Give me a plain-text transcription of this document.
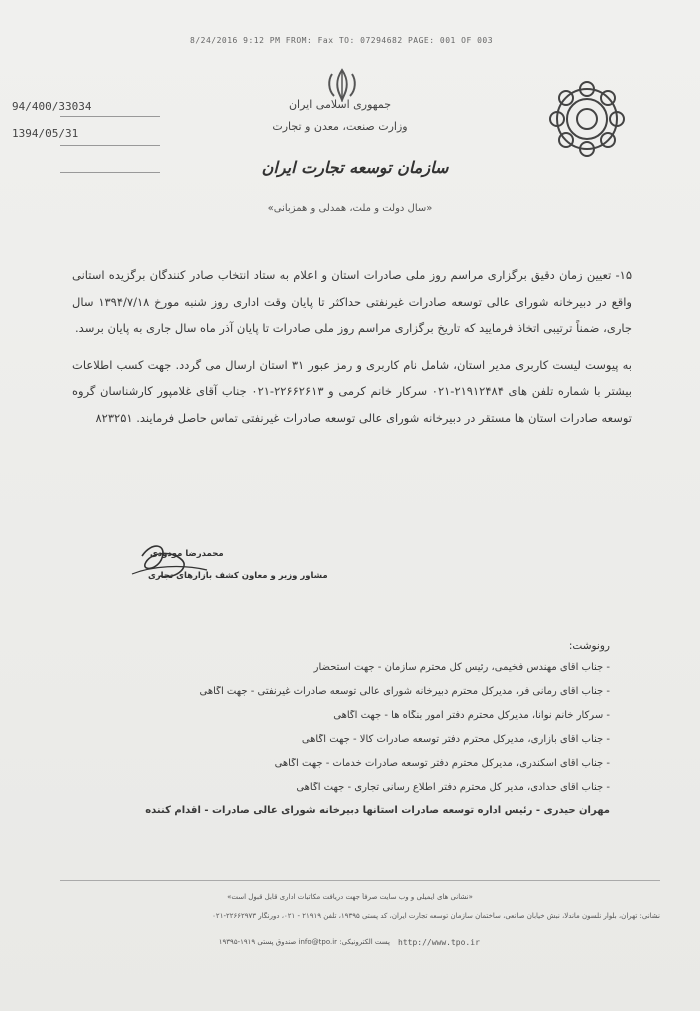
8/24/2016 9:12 PM FROM: Fax TO: 07294682 PAGE: 001 OF 003
جمهوری اسلامی ایران
وزارت صنعت، معدن و تجارت
سازمان توسعه تجارت ایران
«سال دولت و ملت، همدلی و همزبانی»
94/400/33034
1394/05/31
۱۵- تعیین زمان دقیق برگزاری مراسم روز ملی صادرات استان و اعلام به ستاد انتخاب صادر کنندگان برگزیده استانی واقع در دبیرخانه شورای عالی توسعه صادرات غیرنفتی حداکثر تا پایان وقت اداری روز شنبه مورخ ۱۳۹۴/۷/۱۸ سال جاری، ضمناً ترتیبی اتخاذ فرمایید که تاریخ برگزاری مراسم روز ملی صادرات تا پایان آذر ماه سال جاری به پایان برسد.
به پیوست لیست کاربری مدیر استان، شامل نام کاربری و رمز عبور ۳۱ استان ارسال می گردد. جهت کسب اطلاعات بیشتر با شماره تلفن های ۲۱۹۱۲۴۸۴-۰۲۱ سرکار خانم کرمی و ۲۲۶۶۲۶۱۳-۰۲۱ جناب آقای غلامپور کارشناسان گروه توسعه صادرات استان ها مستقر در دبیرخانه شورای عالی توسعه صادرات غیرنفتی تماس حاصل فرمایند. ۸۲۳۲۵۱
محمدرضا مودودی
مشاور وزیر و معاون کشف بازارهای تجاری
رونوشت:
- جناب آقای مهندس فخیمی، رئیس کل محترم سازمان - جهت استحضار
- جناب آقای رمانی فر، مدیرکل محترم دبیرخانه شورای عالی توسعه صادرات غیرنفتی - جهت آگاهی
- سرکار خانم نوانا، مدیرکل محترم دفتر امور بنگاه ها - جهت آگاهی
- جناب آقای بازاری، مدیرکل محترم دفتر توسعه صادرات کالا - جهت آگاهی
- جناب آقای اسکندری، مدیرکل محترم دفتر توسعه صادرات خدمات - جهت آگاهی
- جناب آقای حدادی، مدیر کل محترم دفتر اطلاع رسانی تجاری - جهت آگاهی
مهران حیدری - رئیس اداره توسعه صادرات استانها دبیرخانه شورای عالی صادرات - اقدام کننده
«نشانی های ایمیلی و وب سایت صرفاً جهت دریافت مکاتبات اداری قابل قبول است»
نشانی: تهران، بلوار نلسون ماندلا، نبش خیابان صانعی، ساختمان سازمان توسعه تجارت ایران، کد پستی ۱۹۳۹۵، تلفن ۲۱۹۱۹ - ۰۲۱، دورنگار ۲۲۶۶۲۹۷۳-۰۲۱
پست الکترونیکی: info@tpo.ir صندوق پستی ۱۹۱۹-۱۹۳۹۵ http://www.tpo.ir
